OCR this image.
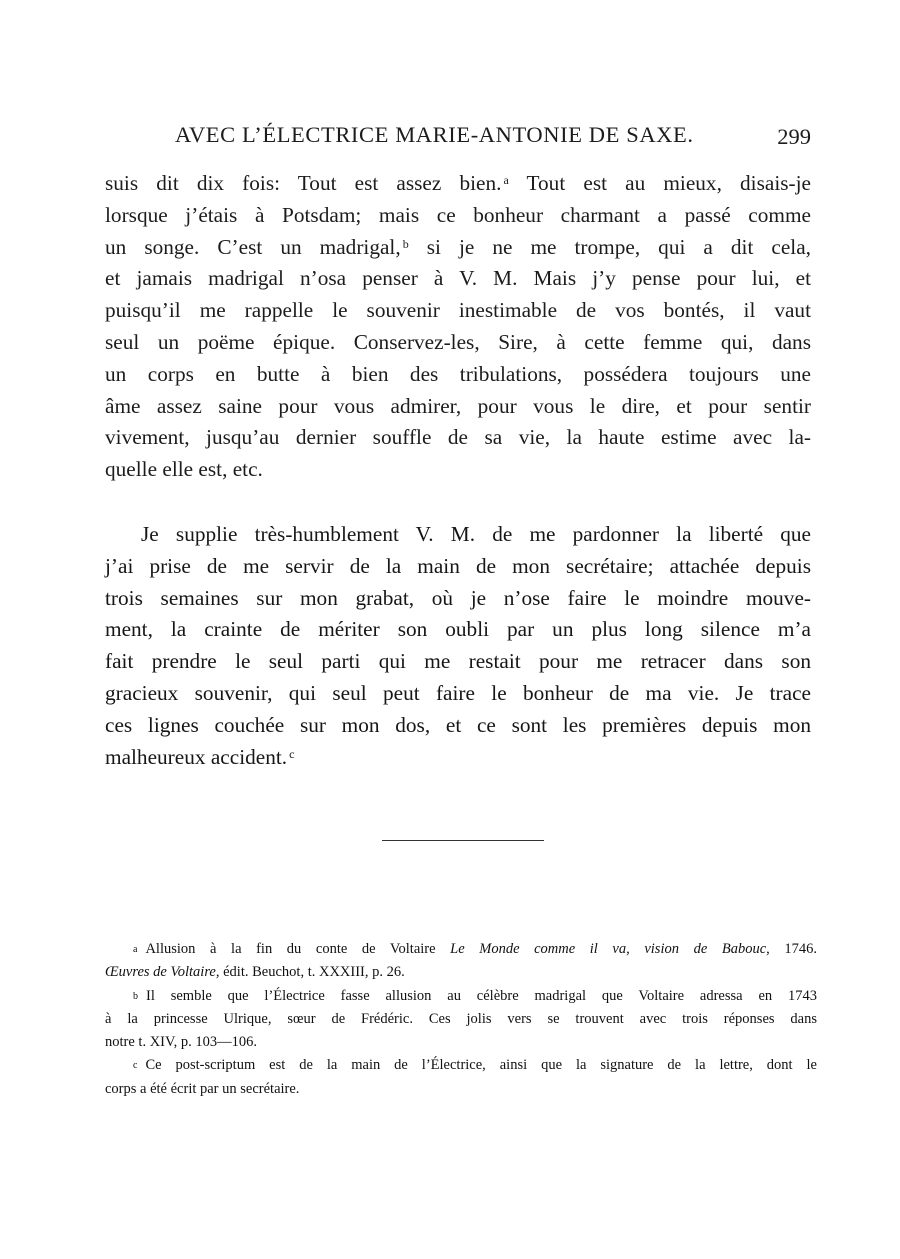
AVEC L’ÉLECTRICE MARIE-ANTONIE DE SAXE.	299
suis dit dix fois: Tout est assez bien. $^a$ Tout est au mieux, disais-je
lorsque j’étais à Potsdam; mais ce bonheur charmant a passé comme
un songe. C’est un madrigal, $^b$ si je ne me trompe, qui a dit cela,
et jamais madrigal n’osa penser à V. M. Mais j’y pense pour lui, et
puisqu’il me rappelle le souvenir inestimable de vos bontés, il vaut
seul un poëme épique. Conservez-les, Sire, à cette femme qui, dans
un corps en butte à bien des tribulations, possédera toujours une
âme assez saine pour vous admirer, pour vous le dire, et pour sentir
vivement, jusqu’au dernier souffle de sa vie, la haute estime avec la-
quelle elle est, etc.
Je supplie très-humblement V. M. de me pardonner la liberté que
j’ai prise de me servir de la main de mon secrétaire; attachée depuis
trois semaines sur mon grabat, où je n’ose faire le moindre mouve-
ment, la crainte de mériter son oubli par un plus long silence m’a
fait prendre le seul parti qui me restait pour me retracer dans son
gracieux souvenir, qui seul peut faire le bonheur de ma vie. Je trace
ces lignes couchée sur mon dos, et ce sont les premières depuis mon
malheureux accident. $^c$
a Allusion à la fin du conte de Voltaire Le Monde comme il va, vision de Babouc, 1746.
Œuvres de Voltaire, édit. Beuchot, t. XXXIII, p. 26.
b Il semble que l’Électrice fasse allusion au célèbre madrigal que Voltaire adressa en 1743
à la princesse Ulrique, sœur de Frédéric. Ces jolis vers se trouvent avec trois réponses dans
notre t. XIV, p. 103—106.
c Ce post-scriptum est de la main de l’Électrice, ainsi que la signature de la lettre, dont le
corps a été écrit par un secrétaire.
